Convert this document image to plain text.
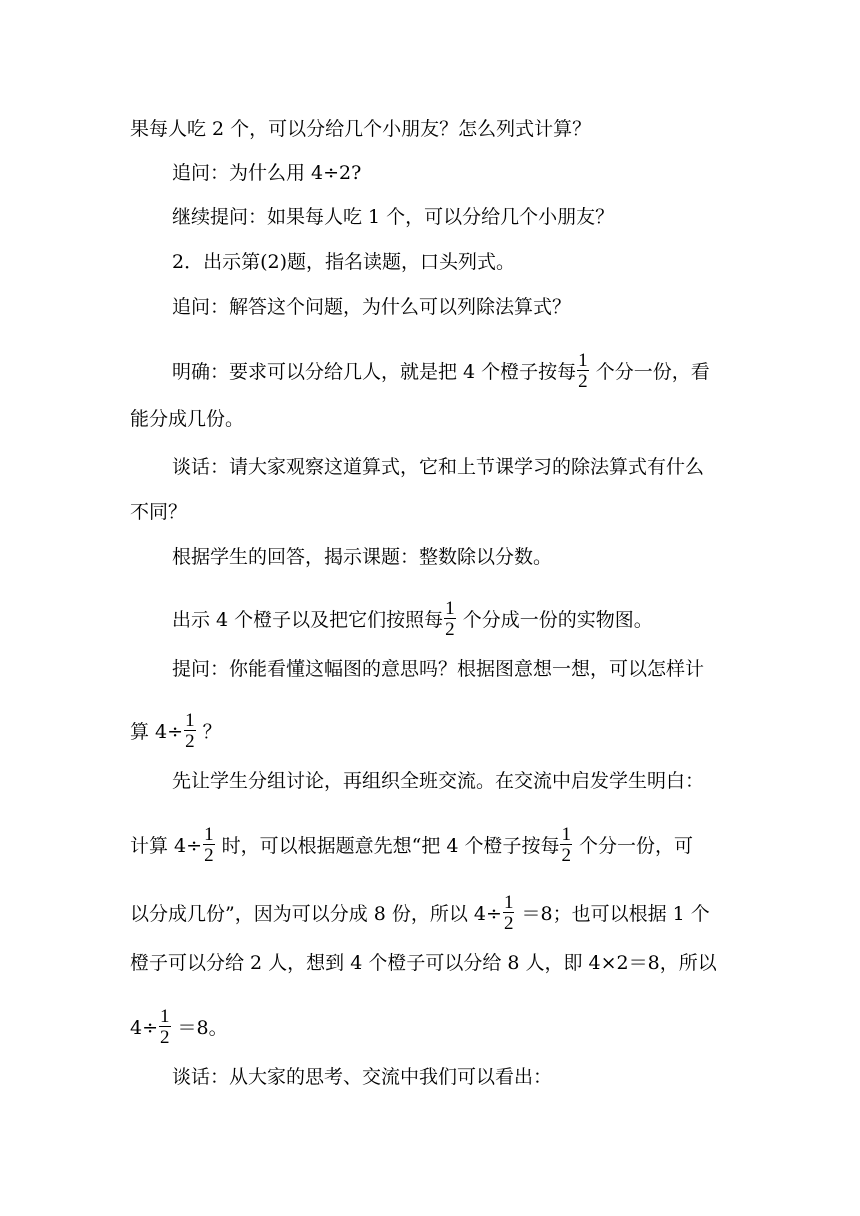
果每人吃 2 个，可以分给几个小朋友？怎么列式计算？
追问：为什么用 4÷2?
继续提问：如果每人吃 1 个，可以分给几个小朋友？
2．出示第(2)题，指名读题，口头列式。
追问：解答这个问题，为什么可以列除法算式？
明确：要求可以分给几人，就是把 4 个橙子按每 $\frac{1}{2}$ 个分一份，看
能分成几份。
谈话：请大家观察这道算式，它和上节课学习的除法算式有什么
不同？
根据学生的回答，揭示课题：整数除以分数。
出示 4 个橙子以及把它们按照每 $\frac{1}{2}$ 个分成一份的实物图。
提问：你能看懂这幅图的意思吗？根据图意想一想，可以怎样计
算 $4\div \frac{1}{2}$ ？
先让学生分组讨论，再组织全班交流。在交流中启发学生明白：
计算 $4\div \frac{1}{2}$ 时，可以根据题意先想“把 4 个橙子按每 $\frac{1}{2}$ 个分一份，可
以分成几份”，因为可以分成 8 份，所以 $4\div \frac{1}{2} =8$；也可以根据 1 个
橙子可以分给 2 人，想到 4 个橙子可以分给 8 人，即 4×2＝8，所以
$4\div \frac{1}{2} =8$。
谈话：从大家的思考、交流中我们可以看出：
